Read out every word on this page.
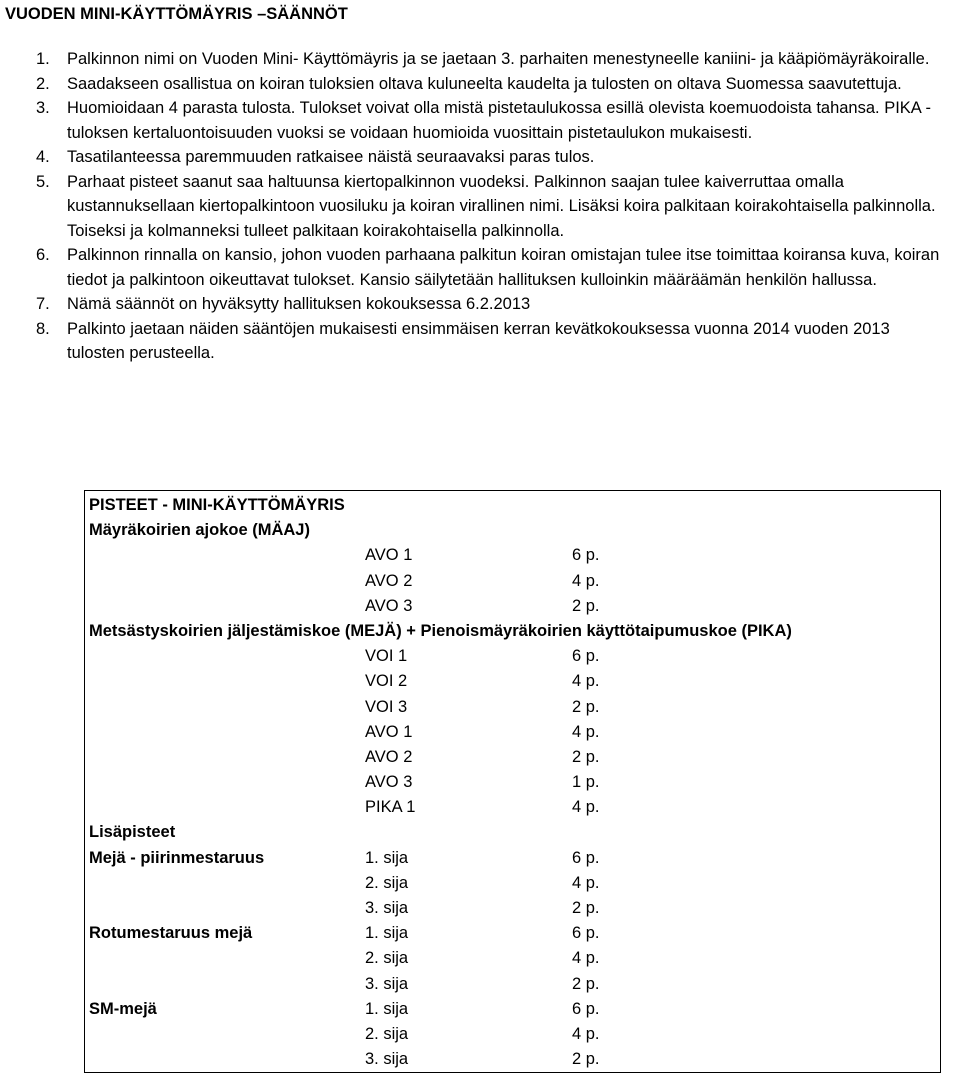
VUODEN MINI-KÄYTTÖMÄYRIS –SÄÄNNÖT
1.	Palkinnon nimi on Vuoden Mini- Käyttömäyris ja se jaetaan 3. parhaiten menestyneelle kaniini- ja kääpiömäyräkoiralle.
2.	Saadakseen osallistua on koiran tuloksien oltava kuluneelta kaudelta ja tulosten on oltava Suomessa saavutettuja.
3.	Huomioidaan 4 parasta tulosta. Tulokset voivat olla mistä pistetaulukossa esillä olevista koemuodoista tahansa. PIKA -tuloksen kertaluontoisuuden vuoksi se voidaan huomioida vuosittain pistetaulukon mukaisesti.
4.	Tasatilanteessa paremmuuden ratkaisee näistä seuraavaksi paras tulos.
5.	Parhaat pisteet saanut saa haltuunsa kiertopalkinnon vuodeksi. Palkinnon saajan tulee kaiverruttaa omalla kustannuksellaan kiertopalkintoon vuosiluku ja koiran virallinen nimi. Lisäksi koira palkitaan koirakohtaisella palkinnolla. Toiseksi ja kolmanneksi tulleet palkitaan koirakohtaisella palkinnolla.
6.	Palkinnon rinnalla on kansio, johon vuoden parhaana palkitun koiran omistajan tulee itse toimittaa koiransa kuva, koiran tiedot ja palkintoon oikeuttavat tulokset. Kansio säilytetään hallituksen kulloinkin määräämän henkilön hallussa.
7.	Nämä säännöt on hyväksytty hallituksen kokouksessa 6.2.2013
8.	Palkinto jaetaan näiden sääntöjen mukaisesti ensimmäisen kerran kevätkokouksessa vuonna 2014 vuoden 2013 tulosten perusteella.
PISTEET - MINI-KÄYTTÖMÄYRIS
Mäyräkoirien ajokoe (MÄAJ)
AVO 1	6 p.
AVO 2	4 p.
AVO 3	2 p.
Metsästyskoirien jäljestämiskoe (MEJÄ) + Pienoismäyräkoirien käyttötaipumuskoe (PIKA)
VOI 1	6 p.
VOI 2	4 p.
VOI 3	2 p.
AVO 1	4 p.
AVO 2	2 p.
AVO 3	1 p.
PIKA 1	4 p.
Lisäpisteet
Mejä - piirinmestaruus	1. sija	6 p.
2. sija	4 p.
3. sija	2 p.
Rotumestaruus mejä	1. sija	6 p.
2. sija	4 p.
3. sija	2 p.
SM-mejä	1. sija	6 p.
2. sija	4 p.
3. sija	2 p.
